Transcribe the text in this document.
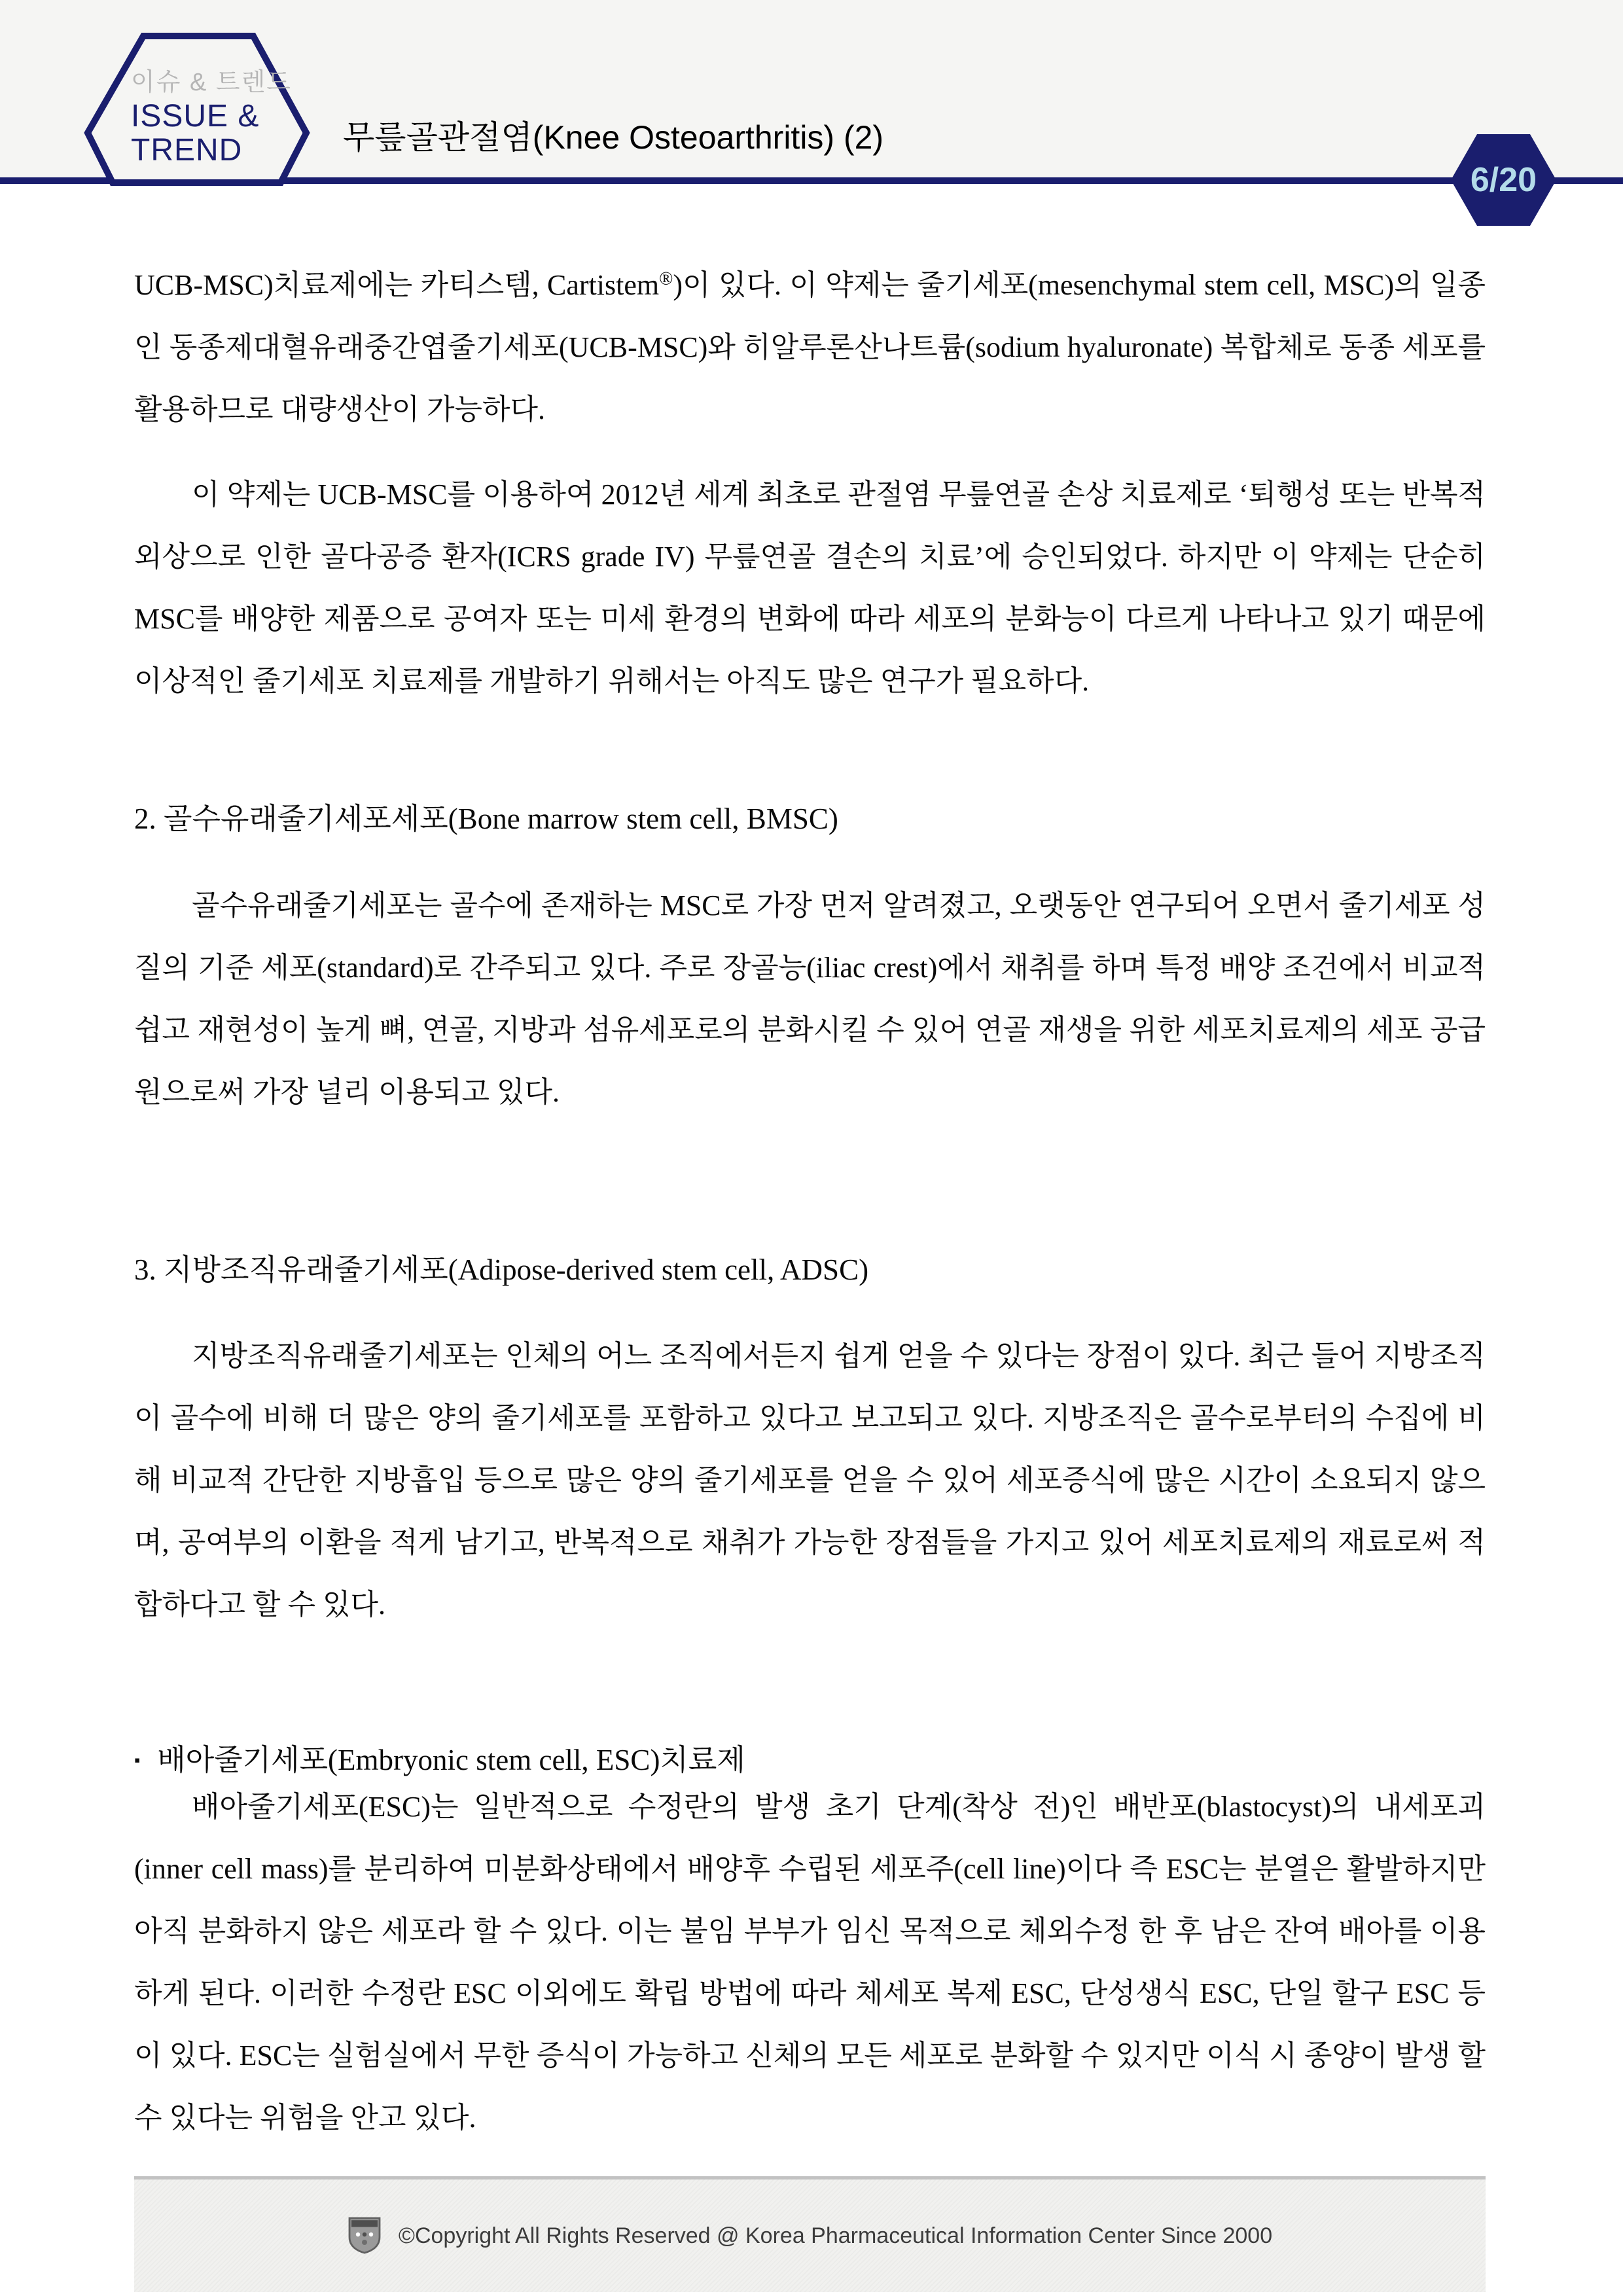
이슈 & 트렌드
ISSUE &
TREND	무릎골관절염(Knee Osteoarthritis) (2)
6/20
UCB-MSC)치료제에는 카티스템, Cartistem®)이 있다. 이 약제는 줄기세포(mesenchymal stem cell, MSC)의 일종인 동종제대혈유래중간엽줄기세포(UCB-MSC)와 히알루론산나트륨(sodium hyaluronate) 복합체로 동종 세포를 활용하므로 대량생산이 가능하다.
이 약제는 UCB-MSC를 이용하여 2012년 세계 최초로 관절염 무릎연골 손상 치료제로 ‘퇴행성 또는 반복적 외상으로 인한 골다공증 환자(ICRS grade IV) 무릎연골 결손의 치료’에 승인되었다. 하지만 이 약제는 단순히 MSC를 배양한 제품으로 공여자 또는 미세 환경의 변화에 따라 세포의 분화능이 다르게 나타나고 있기 때문에 이상적인 줄기세포 치료제를 개발하기 위해서는 아직도 많은 연구가 필요하다.
2. 골수유래줄기세포세포(Bone marrow stem cell, BMSC)
골수유래줄기세포는 골수에 존재하는 MSC로 가장 먼저 알려졌고, 오랫동안 연구되어 오면서 줄기세포 성질의 기준 세포(standard)로 간주되고 있다. 주로 장골능(iliac crest)에서 채취를 하며 특정 배양 조건에서 비교적 쉽고 재현성이 높게 뼈, 연골, 지방과 섬유세포로의 분화시킬 수 있어 연골 재생을 위한 세포치료제의 세포 공급원으로써 가장 널리 이용되고 있다.
3. 지방조직유래줄기세포(Adipose-derived stem cell, ADSC)
지방조직유래줄기세포는 인체의 어느 조직에서든지 쉽게 얻을 수 있다는 장점이 있다. 최근 들어 지방조직이 골수에 비해 더 많은 양의 줄기세포를 포함하고 있다고 보고되고 있다. 지방조직은 골수로부터의 수집에 비해 비교적 간단한 지방흡입 등으로 많은 양의 줄기세포를 얻을 수 있어 세포증식에 많은 시간이 소요되지 않으며, 공여부의 이환을 적게 남기고, 반복적으로 채취가 가능한 장점들을 가지고 있어 세포치료제의 재료로써 적합하다고 할 수 있다.
▪ 배아줄기세포(Embryonic stem cell, ESC)치료제
배아줄기세포(ESC)는 일반적으로 수정란의 발생 초기 단계(착상 전)인 배반포(blastocyst)의 내세포괴 (inner cell mass)를 분리하여 미분화상태에서 배양후 수립된 세포주(cell line)이다 즉 ESC는 분열은 활발하지만 아직 분화하지 않은 세포라 할 수 있다. 이는 불임 부부가 임신 목적으로 체외수정 한 후 남은 잔여 배아를 이용하게 된다. 이러한 수정란 ESC 이외에도 확립 방법에 따라 체세포 복제 ESC, 단성생식 ESC, 단일 할구 ESC 등이 있다. ESC는 실험실에서 무한 증식이 가능하고 신체의 모든 세포로 분화할 수 있지만 이식 시 종양이 발생 할 수 있다는 위험을 안고 있다.
©Copyright All Rights Reserved @ Korea Pharmaceutical Information Center Since 2000
